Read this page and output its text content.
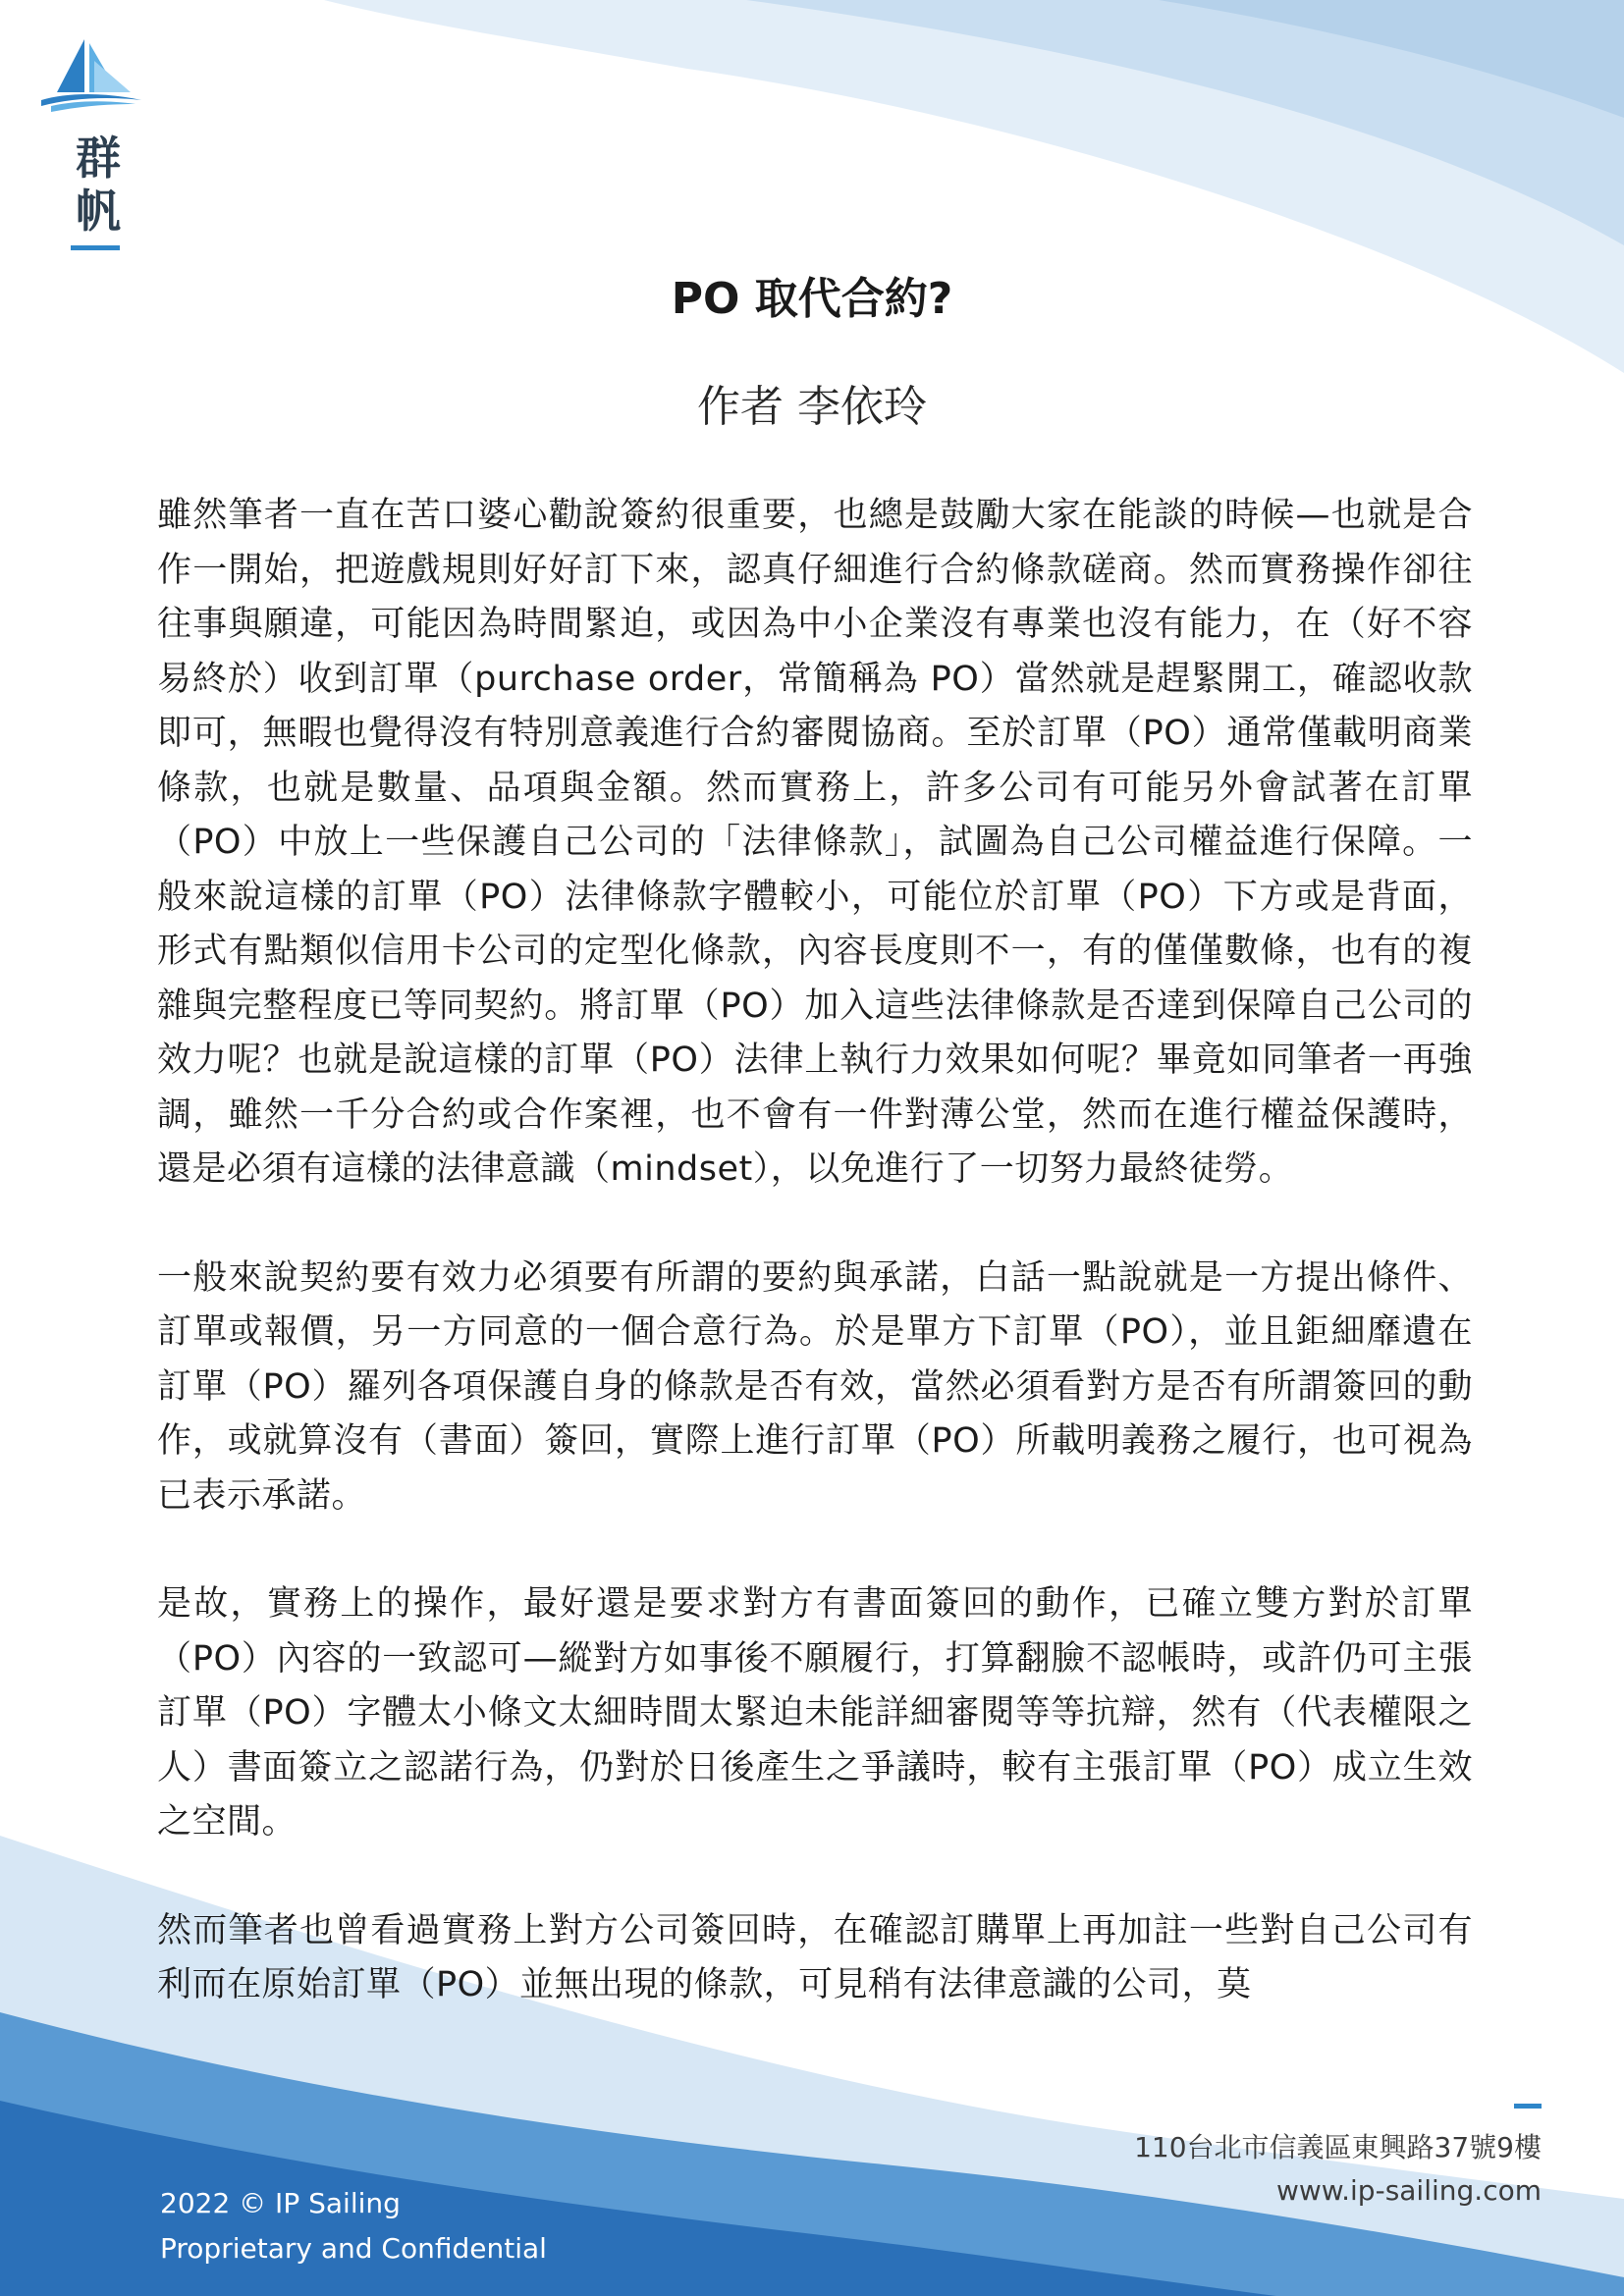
群
帆
PO 取代合約?
作者 李依玲

雖然筆者一直在苦口婆心勸說簽約很重要，也總是鼓勵大家在能談的時候—也就是合作一開始，把遊戲規則好好訂下來，認真仔細進行合約條款磋商。然而實務操作卻往往事與願違，可能因為時間緊迫，或因為中小企業沒有專業也沒有能力，在（好不容易終於）收到訂單（purchase order，常簡稱為 PO）當然就是趕緊開工，確認收款即可，無暇也覺得沒有特別意義進行合約審閱協商。至於訂單（PO）通常僅載明商業條款，也就是數量、品項與金額。然而實務上，許多公司有可能另外會試著在訂單（PO）中放上一些保護自己公司的「法律條款」，試圖為自己公司權益進行保障。一般來說這樣的訂單（PO）法律條款字體較小，可能位於訂單（PO）下方或是背面，形式有點類似信用卡公司的定型化條款，內容長度則不一，有的僅僅數條，也有的複雜與完整程度已等同契約。將訂單（PO）加入這些法律條款是否達到保障自己公司的效力呢？也就是說這樣的訂單（PO）法律上執行力效果如何呢？畢竟如同筆者一再強調，雖然一千分合約或合作案裡，也不會有一件對薄公堂，然而在進行權益保護時，還是必須有這樣的法律意識（mindset），以免進行了一切努力最終徒勞。

一般來說契約要有效力必須要有所謂的要約與承諾，白話一點說就是一方提出條件、訂單或報價，另一方同意的一個合意行為。於是單方下訂單（PO），並且鉅細靡遺在訂單（PO）羅列各項保護自身的條款是否有效，當然必須看對方是否有所謂簽回的動作，或就算沒有（書面）簽回，實際上進行訂單（PO）所載明義務之履行，也可視為已表示承諾。

是故，實務上的操作，最好還是要求對方有書面簽回的動作，已確立雙方對於訂單（PO）內容的一致認可—縱對方如事後不願履行，打算翻臉不認帳時，或許仍可主張訂單（PO）字體太小條文太細時間太緊迫未能詳細審閱等等抗辯，然有（代表權限之人）書面簽立之認諾行為，仍對於日後產生之爭議時，較有主張訂單（PO）成立生效之空間。

然而筆者也曾看過實務上對方公司簽回時，在確認訂購單上再加註一些對自己公司有利而在原始訂單（PO）並無出現的條款，可見稍有法律意識的公司，莫

110台北市信義區東興路37號9樓
www.ip-sailing.com
2022 © IP Sailing
Proprietary and Confidential
